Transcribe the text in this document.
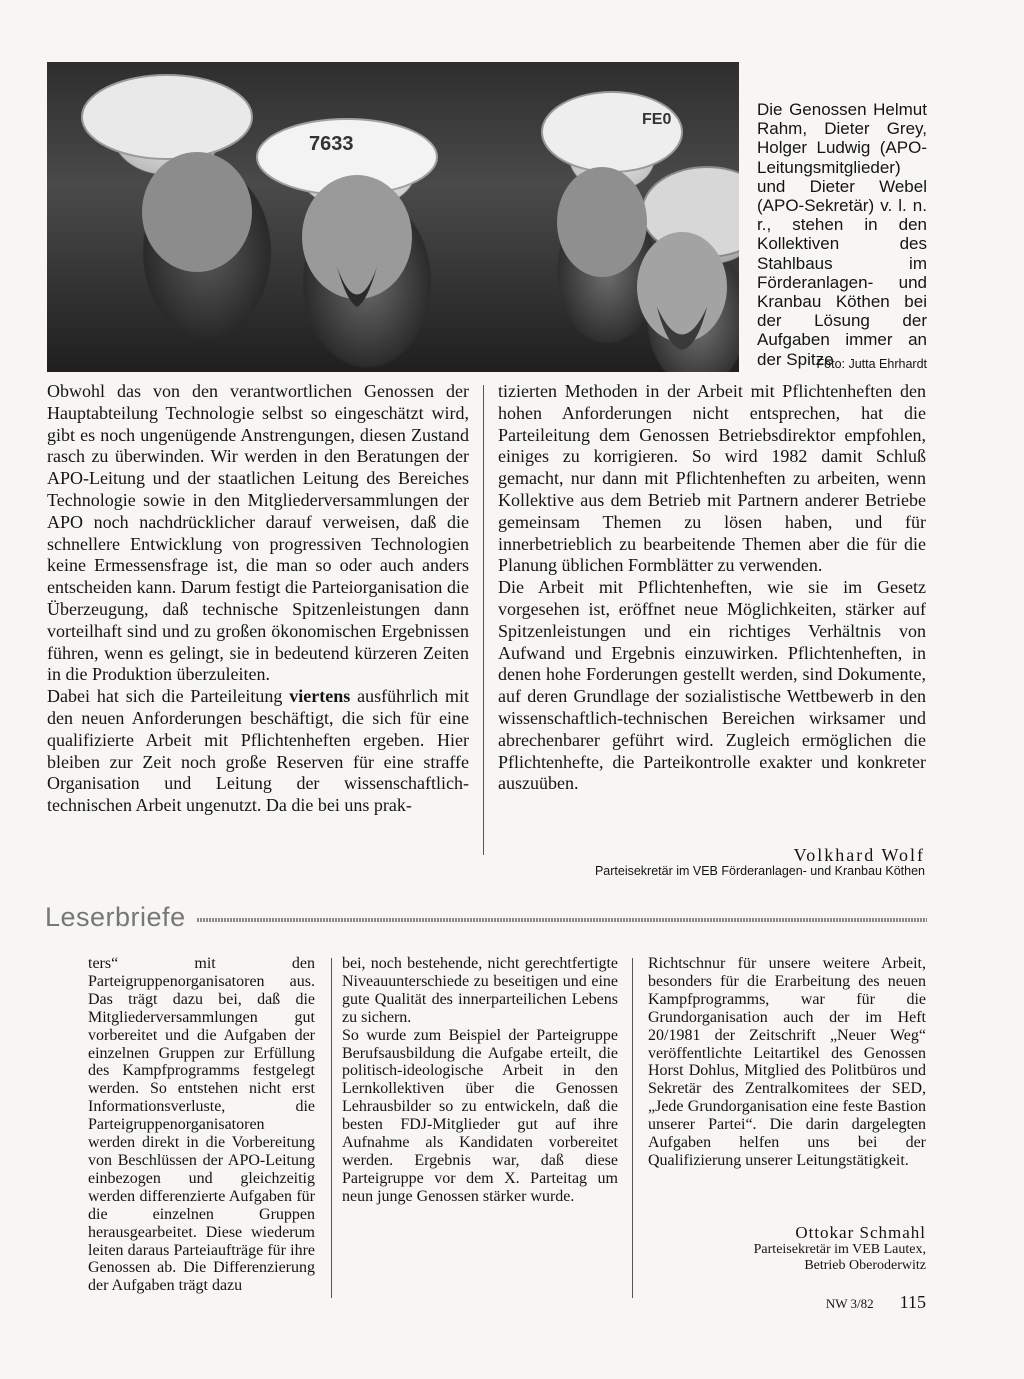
7633
FE0
Die Genossen Helmut Rahm, Dieter Grey, Holger Ludwig (APO-Leitungsmitglieder) und Dieter Webel (APO-Sekretär) v. l. n. r., stehen in den Kollektiven des Stahlbaus im Förderanlagen- und Kranbau Köthen bei der Lösung der Aufgaben immer an der Spitze
Foto: Jutta Ehrhardt

Obwohl das von den verantwortlichen Genossen der Hauptabteilung Technologie selbst so eingeschätzt wird, gibt es noch ungenügende Anstrengungen, diesen Zustand rasch zu überwinden. Wir werden in den Beratungen der APO-Leitung und der staatlichen Leitung des Bereiches Technologie sowie in den Mitgliederversammlungen der APO noch nachdrücklicher darauf verweisen, daß die schnellere Entwicklung von progressiven Technologien keine Ermessensfrage ist, die man so oder auch anders entscheiden kann. Darum festigt die Parteiorganisation die Überzeugung, daß technische Spitzenleistungen dann vorteilhaft sind und zu großen ökonomischen Ergebnissen führen, wenn es gelingt, sie in bedeutend kürzeren Zeiten in die Produktion überzuleiten.

Dabei hat sich die Parteileitung viertens ausführlich mit den neuen Anforderungen beschäftigt, die sich für eine qualifizierte Arbeit mit Pflichtenheften ergeben. Hier bleiben zur Zeit noch große Reserven für eine straffe Organisation und Leitung der wissenschaftlich-technischen Arbeit ungenutzt. Da die bei uns prak-

tizierten Methoden in der Arbeit mit Pflichtenheften den hohen Anforderungen nicht entsprechen, hat die Parteileitung dem Genossen Betriebsdirektor empfohlen, einiges zu korrigieren. So wird 1982 damit Schluß gemacht, nur dann mit Pflichtenheften zu arbeiten, wenn Kollektive aus dem Betrieb mit Partnern anderer Betriebe gemeinsam Themen zu lösen haben, und für innerbetrieblich zu bearbeitende Themen aber die für die Planung üblichen Formblätter zu verwenden.

Die Arbeit mit Pflichtenheften, wie sie im Gesetz vorgesehen ist, eröffnet neue Möglichkeiten, stärker auf Spitzenleistungen und ein richtiges Verhältnis von Aufwand und Ergebnis einzuwirken. Pflichtenheften, in denen hohe Forderungen gestellt werden, sind Dokumente, auf deren Grundlage der sozialistische Wettbewerb in den wissenschaftlich-technischen Bereichen wirksamer und abrechenbarer geführt wird. Zugleich ermöglichen die Pflichtenhefte, die Parteikontrolle exakter und konkreter auszuüben.

Volkhard Wolf
Parteisekretär im VEB Förderanlagen- und Kranbau Köthen
Leserbriefe

ters“ mit den Parteigruppenorganisatoren aus. Das trägt dazu bei, daß die Mitgliederversammlungen gut vorbereitet und die Aufgaben der einzelnen Gruppen zur Erfüllung des Kampfprogramms festgelegt werden. So entstehen nicht erst Informationsverluste, die Parteigruppenorganisatoren werden direkt in die Vorbereitung von Beschlüssen der APO-Leitung einbezogen und gleichzeitig werden differenzierte Aufgaben für die einzelnen Gruppen herausgearbeitet. Diese wiederum leiten daraus Parteiaufträge für ihre Genossen ab. Die Differenzierung der Aufgaben trägt dazu

bei, noch bestehende, nicht gerechtfertigte Niveauunterschiede zu beseitigen und eine gute Qualität des innerparteilichen Lebens zu sichern.

So wurde zum Beispiel der Parteigruppe Berufsausbildung die Aufgabe erteilt, die politisch-ideologische Arbeit in den Lernkollektiven über die Genossen Lehrausbilder so zu entwickeln, daß die besten FDJ-Mitglieder gut auf ihre Aufnahme als Kandidaten vorbereitet werden. Ergebnis war, daß diese Parteigruppe vor dem X. Parteitag um neun junge Genossen stärker wurde.

Richtschnur für unsere weitere Arbeit, besonders für die Erarbeitung des neuen Kampfprogramms, war für die Grundorganisation auch der im Heft 20/1981 der Zeitschrift „Neuer Weg“ veröffentlichte Leitartikel des Genossen Horst Dohlus, Mitglied des Politbüros und Sekretär des Zentralkomitees der SED, „Jede Grundorganisation eine feste Bastion unserer Partei“. Die darin dargelegten Aufgaben helfen uns bei der Qualifizierung unserer Leitungstätigkeit.

Ottokar Schmahl
Parteisekretär im VEB Lautex,
Betrieb Oberoderwitz
NW 3/82 115
